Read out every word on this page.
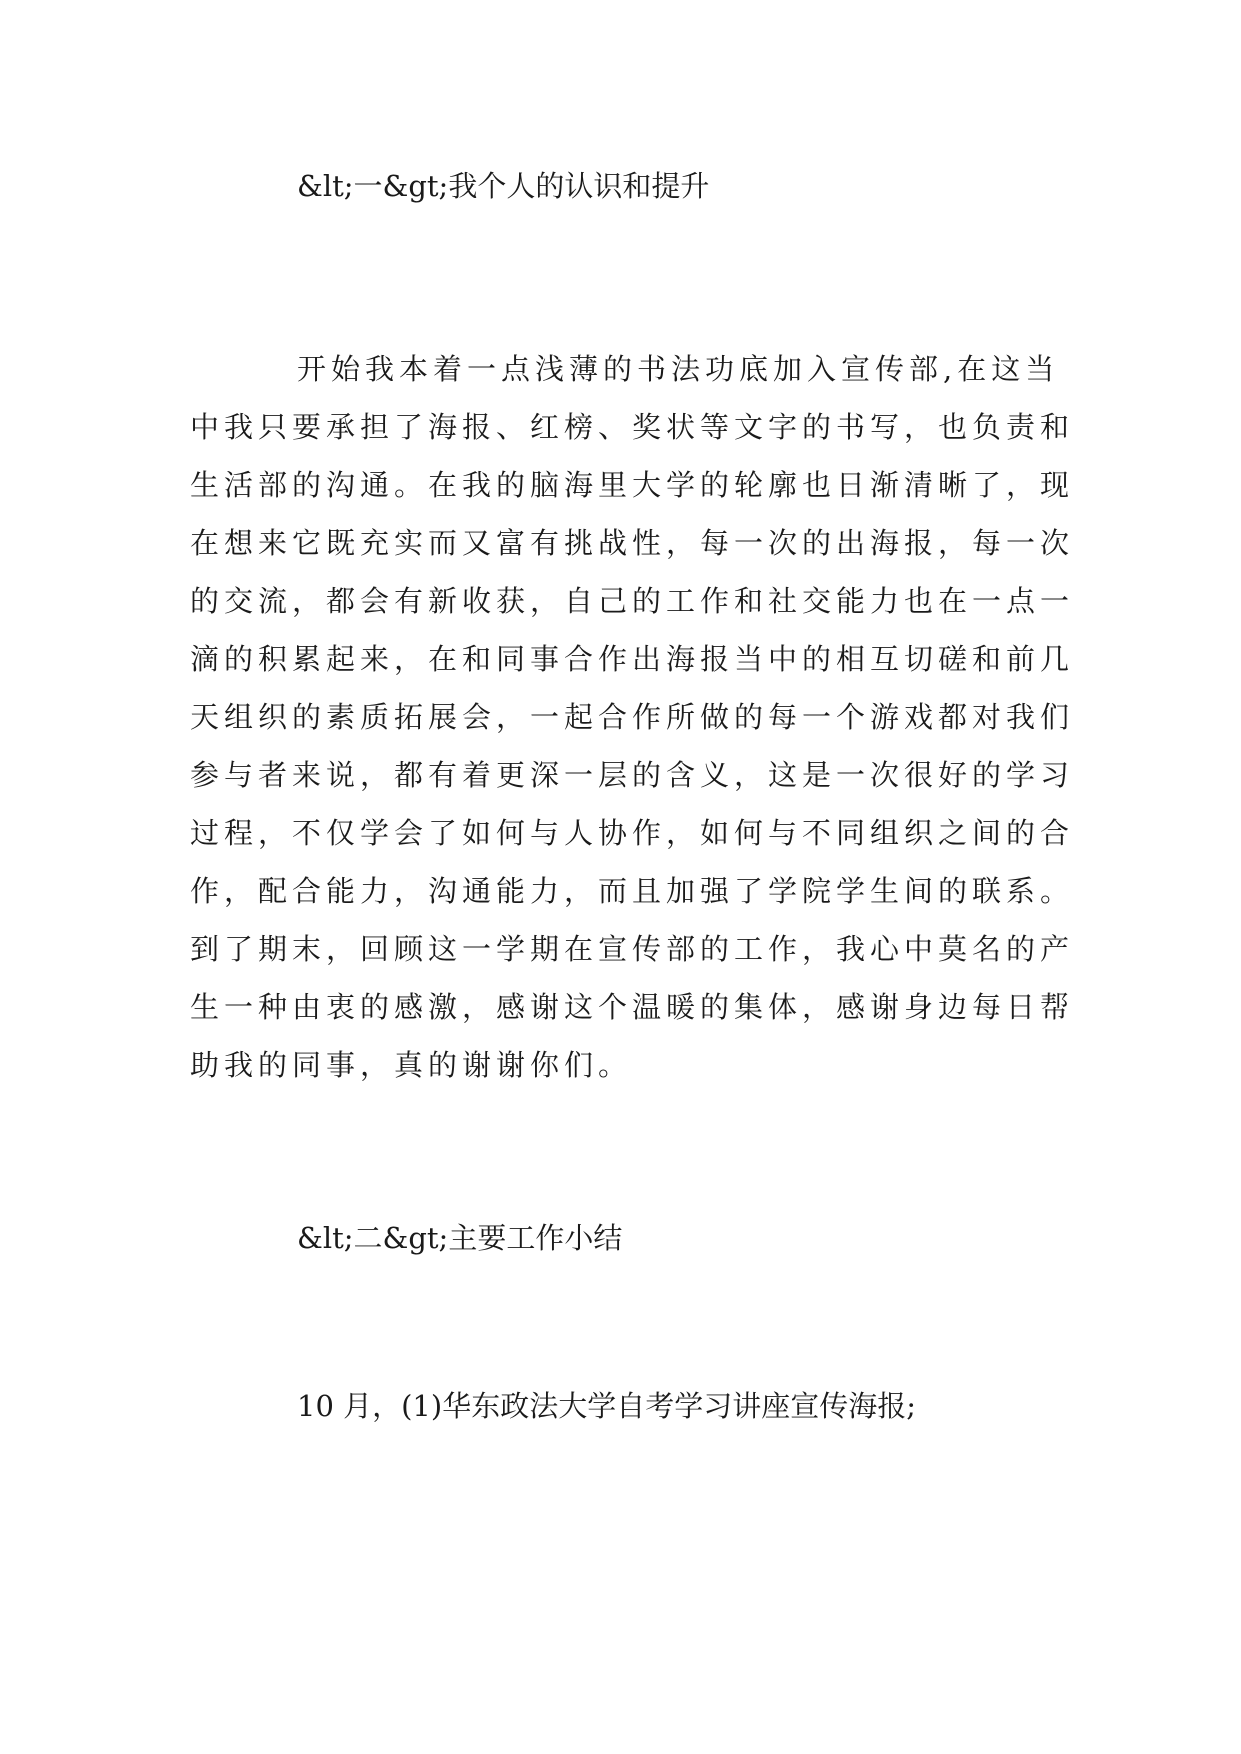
&lt;一&gt;我个人的认识和提升
开始我本着一点浅薄的书法功底加入宣传部,在这当
中我只要承担了海报、红榜、奖状等文字的书写，也负责和
生活部的沟通。在我的脑海里大学的轮廓也日渐清晰了，现
在想来它既充实而又富有挑战性，每一次的出海报，每一次
的交流，都会有新收获，自己的工作和社交能力也在一点一
滴的积累起来，在和同事合作出海报当中的相互切磋和前几
天组织的素质拓展会，一起合作所做的每一个游戏都对我们
参与者来说，都有着更深一层的含义，这是一次很好的学习
过程，不仅学会了如何与人协作，如何与不同组织之间的合
作，配合能力，沟通能力，而且加强了学院学生间的联系。
到了期末，回顾这一学期在宣传部的工作，我心中莫名的产
生一种由衷的感激，感谢这个温暖的集体，感谢身边每日帮
助我的同事，真的谢谢你们。
&lt;二&gt;主要工作小结
10 月，(1)华东政法大学自考学习讲座宣传海报;
